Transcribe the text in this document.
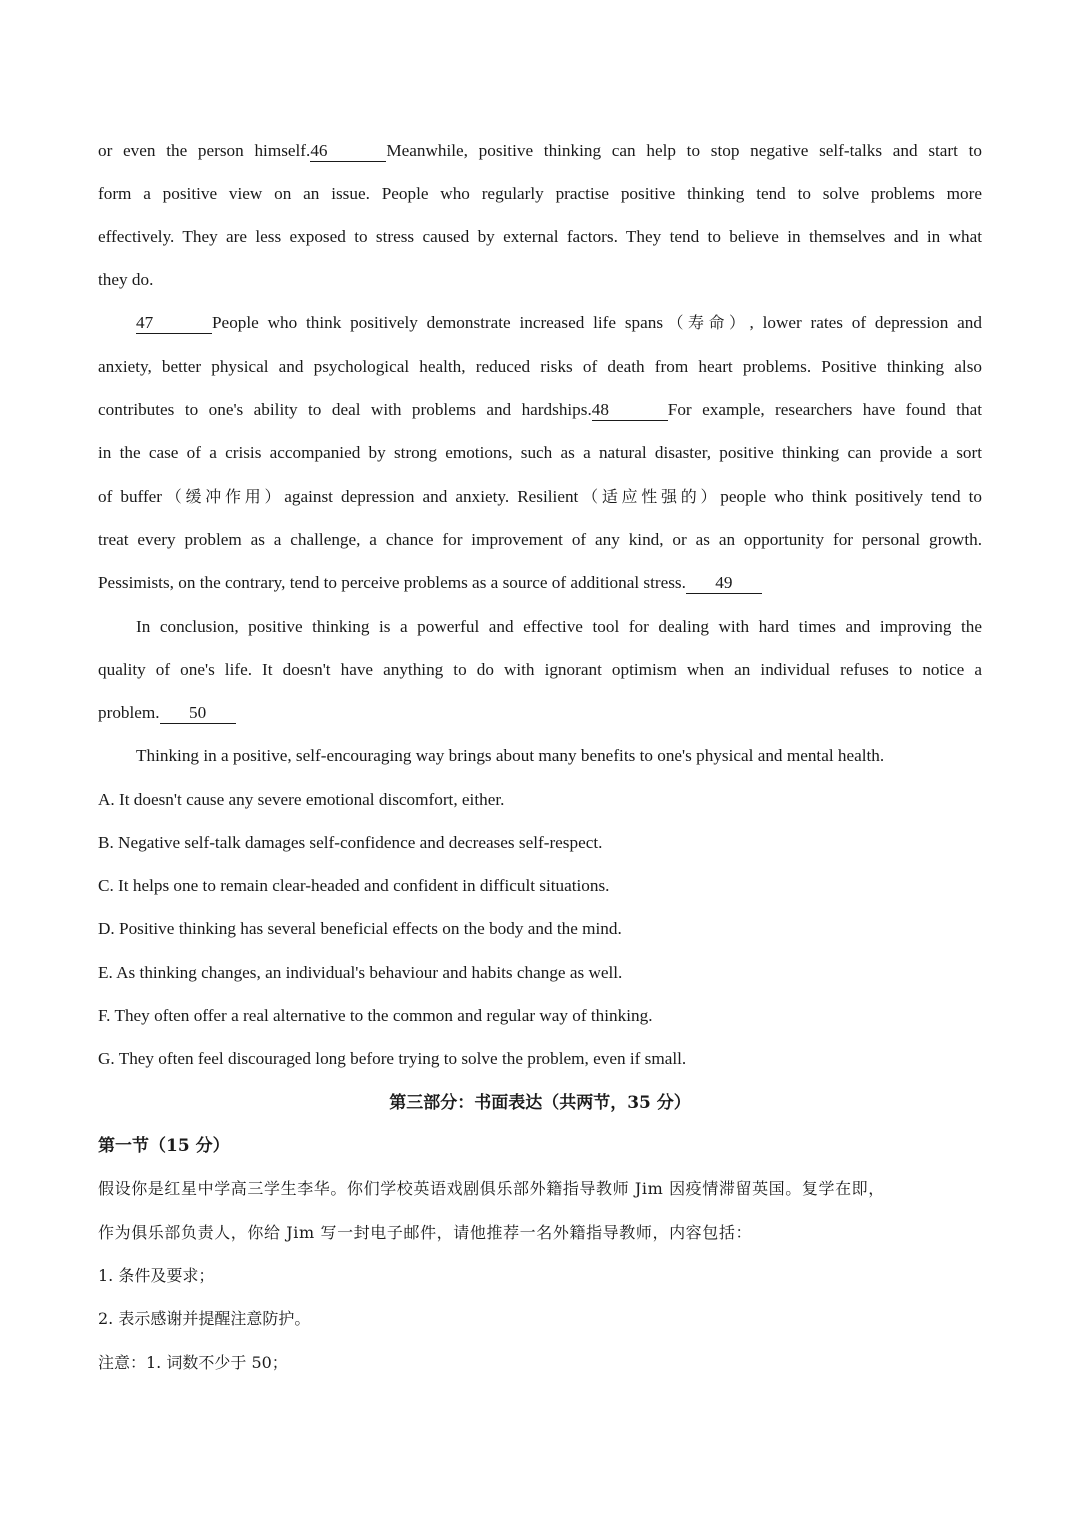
or even the person himself.46	Meanwhile, positive thinking can help to stop negative self-talks and start to
form a positive view on an issue. People who regularly practise positive thinking tend to solve problems more
effectively. They are less exposed to stress caused by external factors. They tend to believe in themselves and in what
they do.
47	People who think positively demonstrate increased life spans（寿命）, lower rates of depression and
anxiety, better physical and psychological health, reduced risks of death from heart problems. Positive thinking also
contributes to one's ability to deal with problems and hardships.48	For example, researchers have found that
in the case of a crisis accompanied by strong emotions, such as a natural disaster, positive thinking can provide a sort
of buffer（缓冲作用）against depression and anxiety. Resilient（适应性强的）people who think positively tend to
treat every problem as a challenge, a chance for improvement of any kind, or as an opportunity for personal growth.
Pessimists, on the contrary, tend to perceive problems as a source of additional stress. 49
In conclusion, positive thinking is a powerful and effective tool for dealing with hard times and improving the
quality of one's life. It doesn't have anything to do with ignorant optimism when an individual refuses to notice a
problem. 50
Thinking in a positive, self-encouraging way brings about many benefits to one's physical and mental health.
A. It doesn't cause any severe emotional discomfort, either.
B. Negative self-talk damages self-confidence and decreases self-respect.
C. It helps one to remain clear-headed and confident in difficult situations.
D. Positive thinking has several beneficial effects on the body and the mind.
E. As thinking changes, an individual's behaviour and habits change as well.
F. They often offer a real alternative to the common and regular way of thinking.
G. They often feel discouraged long before trying to solve the problem, even if small.
第三部分：书面表达（共两节，35 分）
第一节（15 分）
假设你是红星中学高三学生李华。你们学校英语戏剧俱乐部外籍指导教师 Jim 因疫情滞留英国。复学在即，
作为俱乐部负责人，你给 Jim 写一封电子邮件，请他推荐一名外籍指导教师，内容包括：
1. 条件及要求；
2. 表示感谢并提醒注意防护。
注意：1. 词数不少于 50；
